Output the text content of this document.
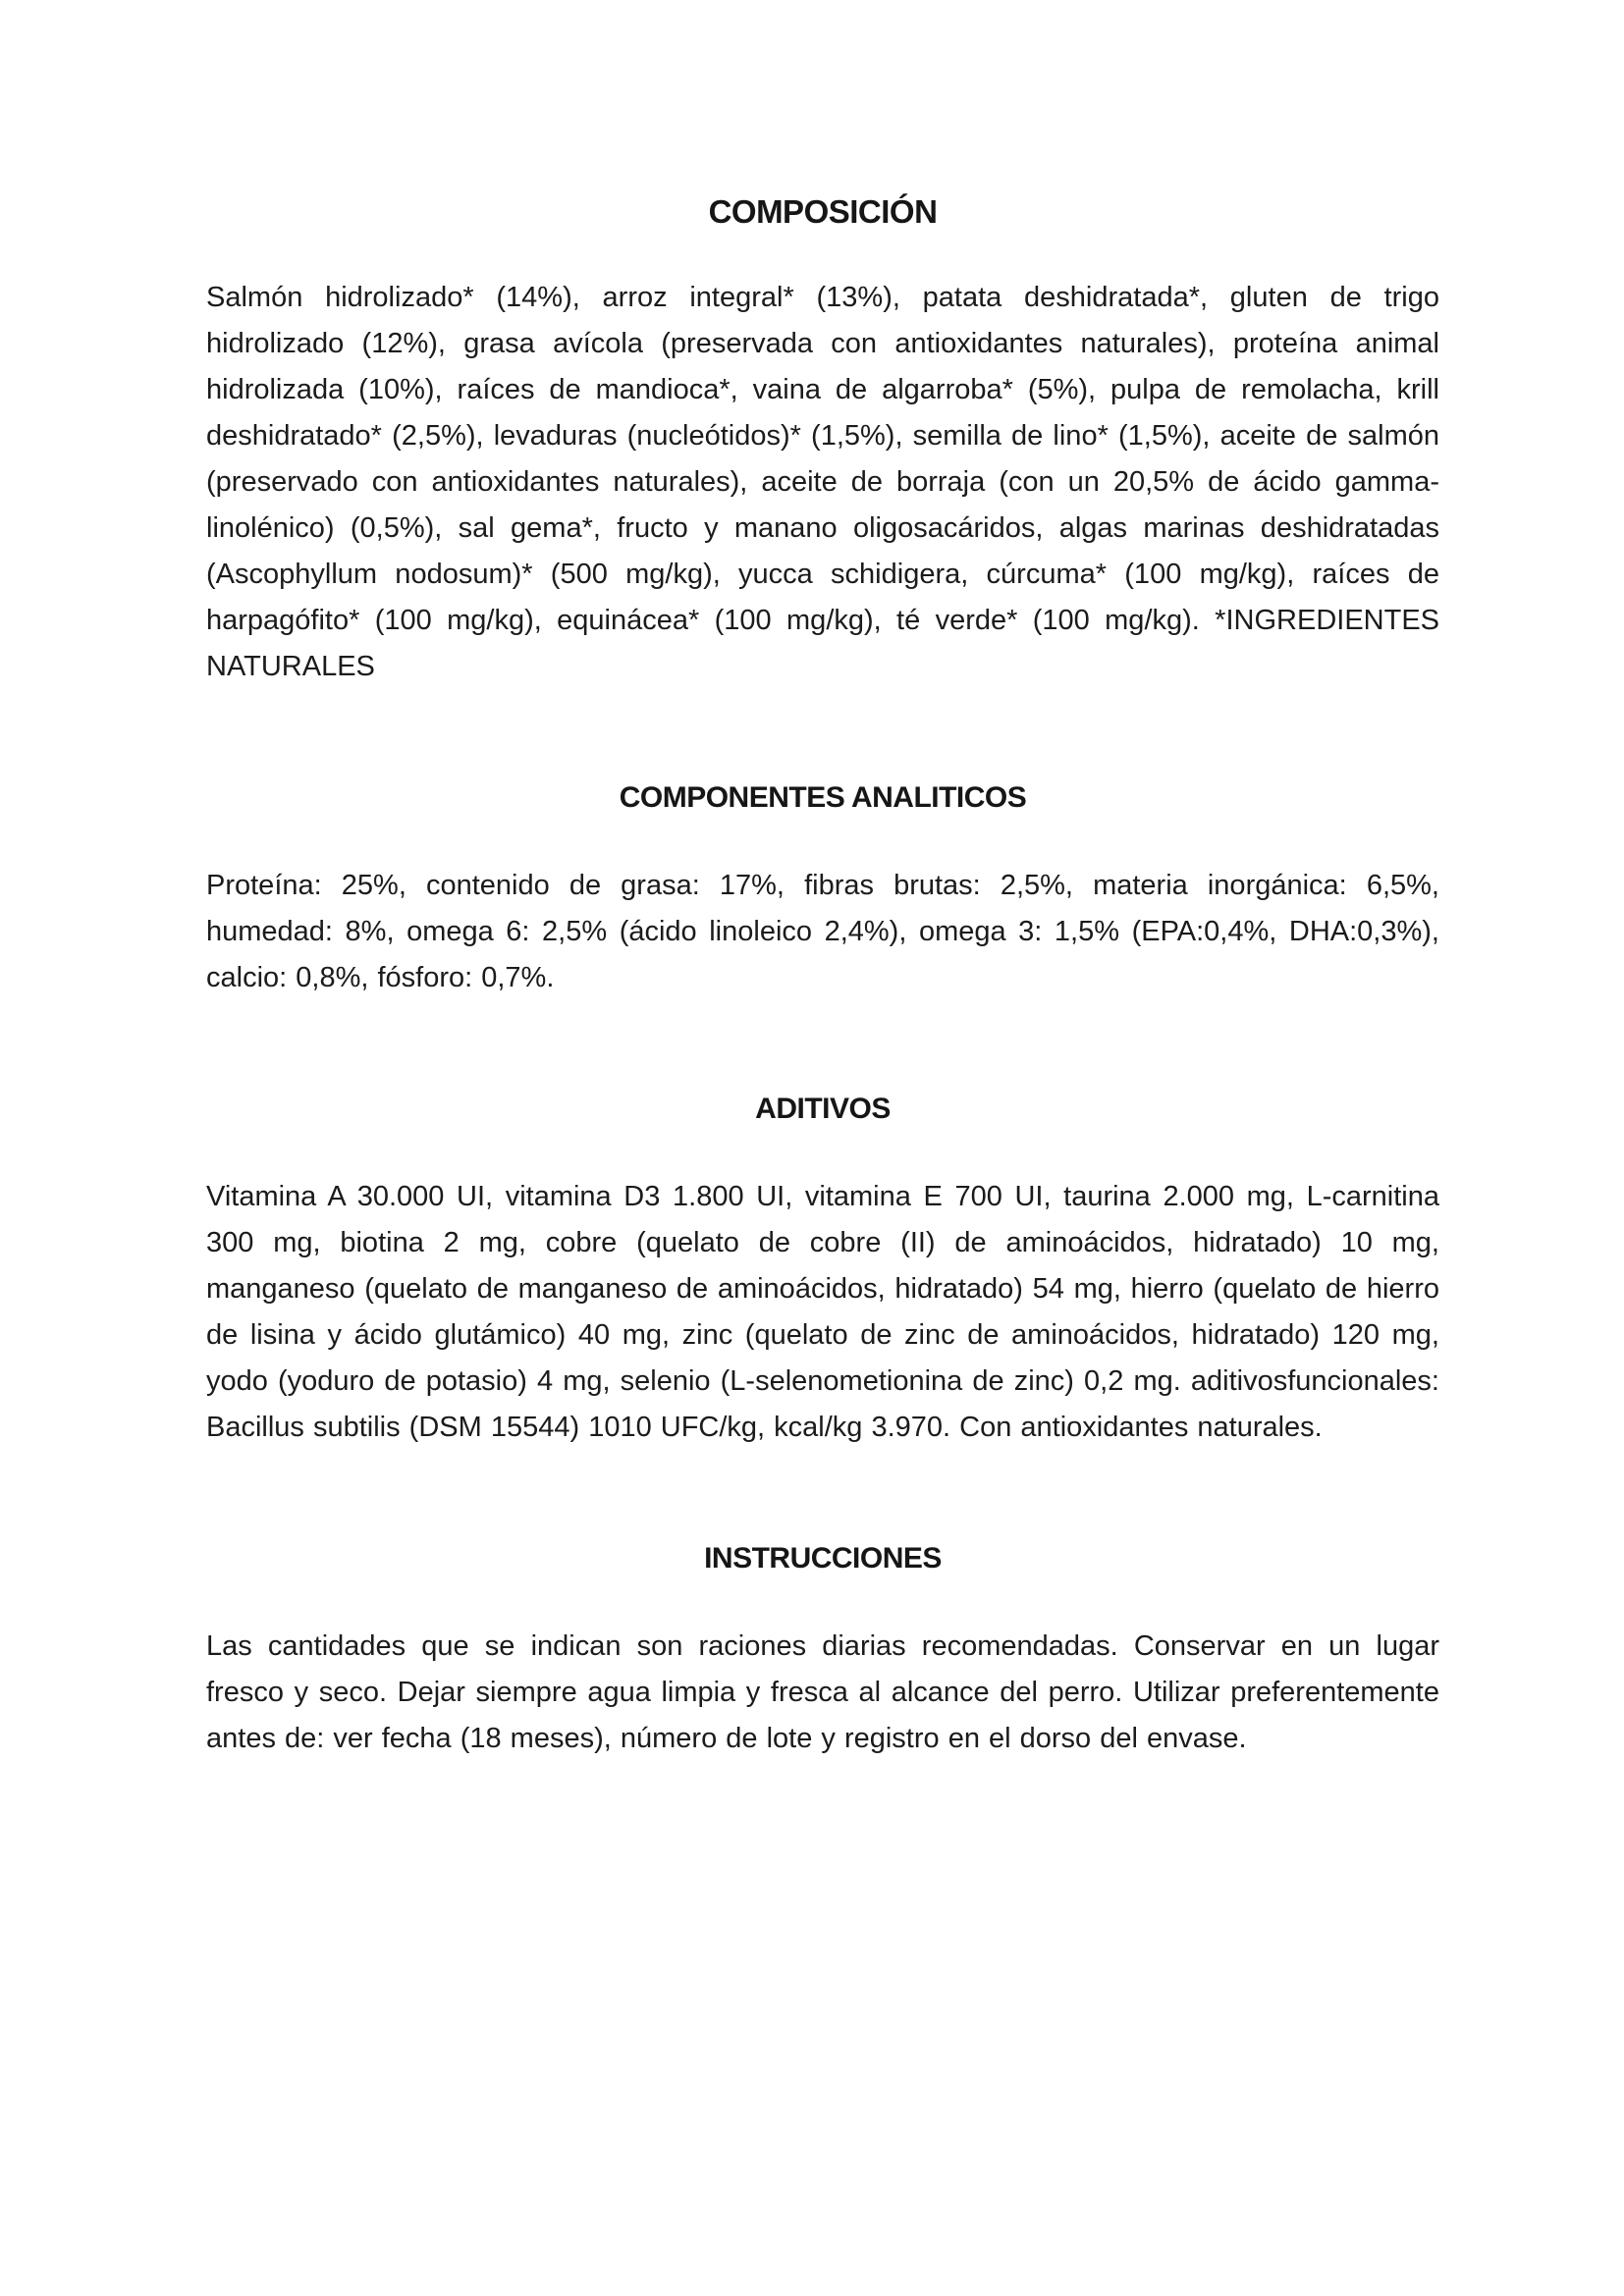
COMPOSICIÓN

Salmón hidrolizado* (14%), arroz integral* (13%), patata deshidratada*, gluten de trigo hidrolizado (12%), grasa avícola (preservada con antioxidantes naturales), proteína animal hidrolizada (10%), raíces de mandioca*, vaina de algarroba* (5%), pulpa de remolacha, krill deshidratado* (2,5%), levaduras (nucleótidos)* (1,5%), semilla de lino* (1,5%), aceite de salmón (preservado con antioxidantes naturales), aceite de borraja (con un 20,5% de ácido gamma-linolénico) (0,5%), sal gema*, fructo y manano oligosacáridos, algas marinas deshidratadas (Ascophyllum nodosum)* (500 mg/kg), yucca schidigera, cúrcuma* (100 mg/kg), raíces de harpagófito* (100 mg/kg), equinácea* (100 mg/kg), té verde* (100 mg/kg). *INGREDIENTES NATURALES

COMPONENTES ANALITICOS

Proteína: 25%, contenido de grasa: 17%, fibras brutas: 2,5%, materia inorgánica: 6,5%, humedad: 8%, omega 6: 2,5% (ácido linoleico 2,4%), omega 3: 1,5% (EPA:0,4%, DHA:0,3%), calcio: 0,8%, fósforo: 0,7%.

ADITIVOS

Vitamina A 30.000 UI, vitamina D3 1.800 UI, vitamina E 700 UI, taurina 2.000 mg, L-carnitina 300 mg, biotina 2 mg, cobre (quelato de cobre (II) de aminoácidos, hidratado) 10 mg, manganeso (quelato de manganeso de aminoácidos, hidratado) 54 mg, hierro (quelato de hierro de lisina y ácido glutámico) 40 mg, zinc (quelato de zinc de aminoácidos, hidratado) 120 mg, yodo (yoduro de potasio) 4 mg, selenio (L-selenometionina de zinc) 0,2 mg. aditivosfuncionales: Bacillus subtilis (DSM 15544) 1010 UFC/kg, kcal/kg 3.970. Con antioxidantes naturales.

INSTRUCCIONES

Las cantidades que se indican son raciones diarias recomendadas. Conservar en un lugar fresco y seco. Dejar siempre agua limpia y fresca al alcance del perro. Utilizar preferentemente antes de: ver fecha (18 meses), número de lote y registro en el dorso del envase.
